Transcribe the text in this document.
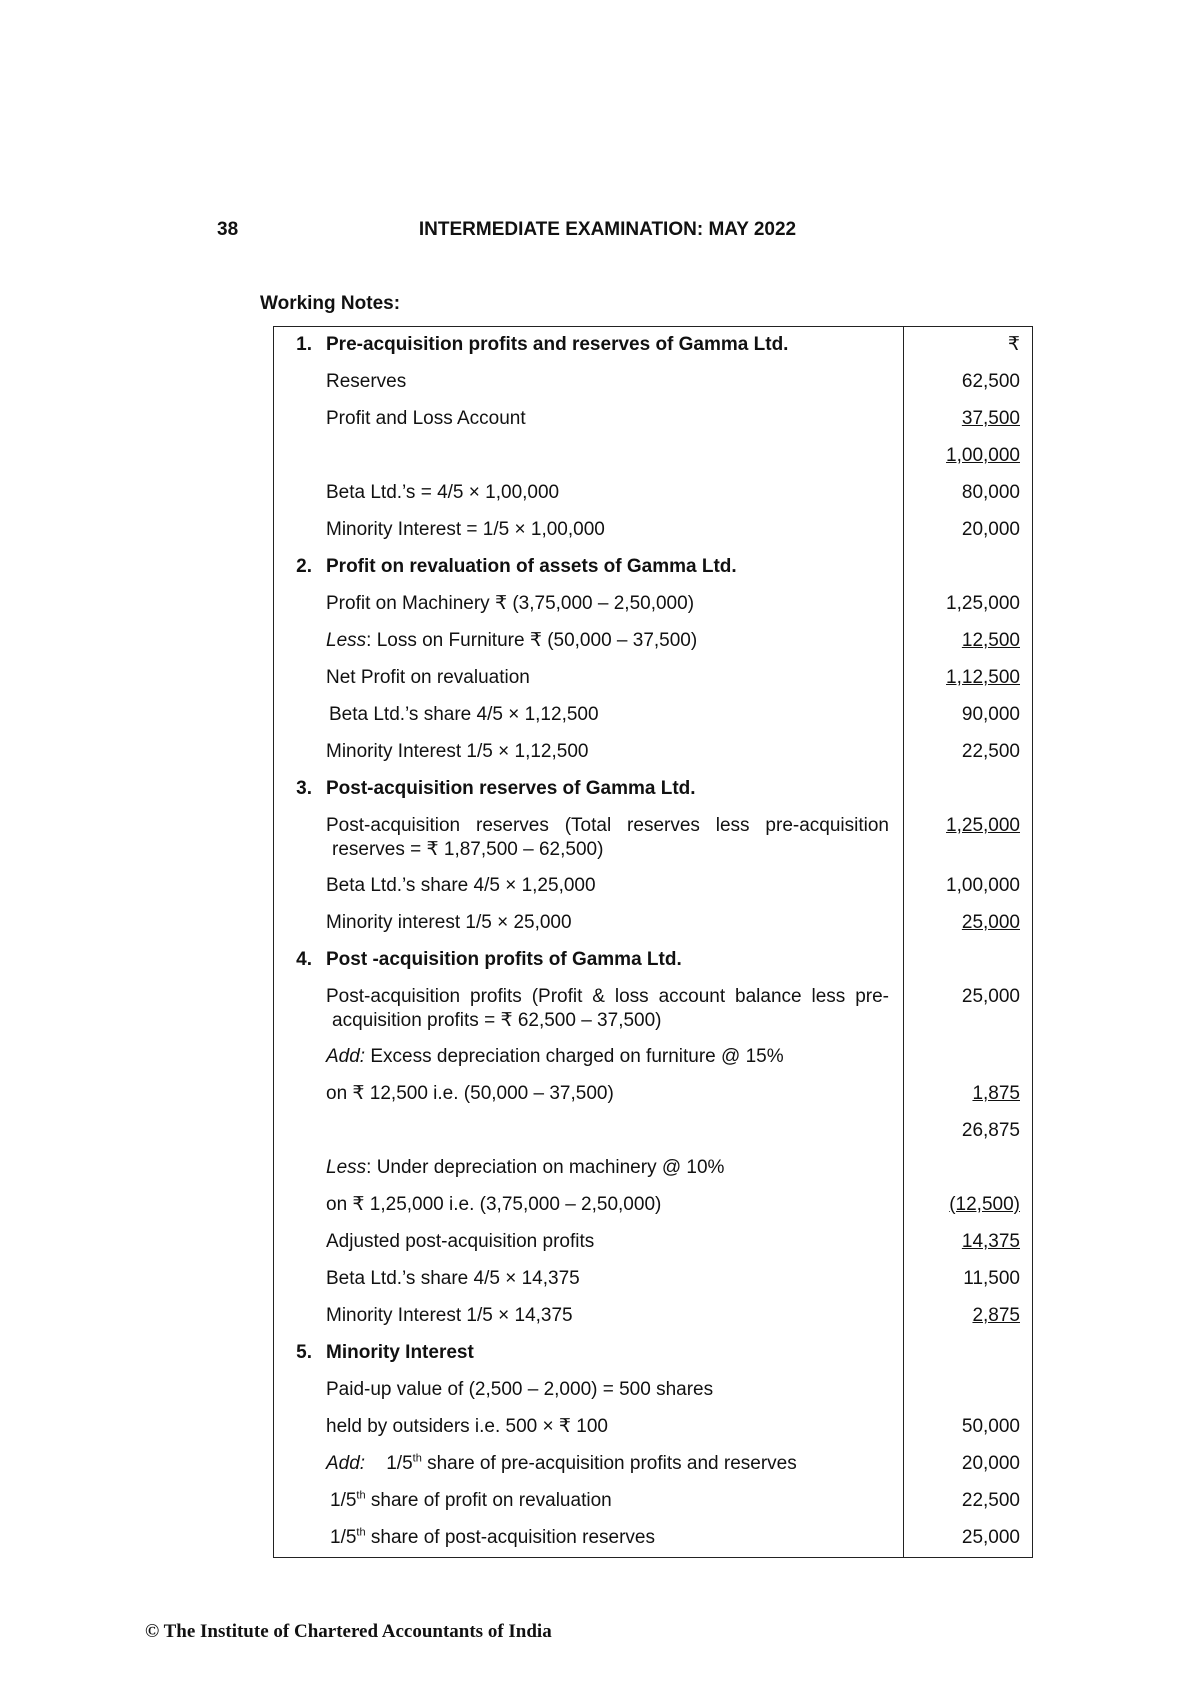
38	INTERMEDIATE EXAMINATION: MAY 2022
Working Notes:
1.	Pre-acquisition profits and reserves of Gamma Ltd.	₹
	Reserves	62,500
	Profit and Loss Account	37,500
		1,00,000
	Beta Ltd.’s = 4/5 × 1,00,000	80,000
	Minority Interest = 1/5 × 1,00,000	20,000
2.	Profit on revaluation of assets of Gamma Ltd.	
	Profit on Machinery ₹ (3,75,000 – 2,50,000)	1,25,000
	Less: Loss on Furniture ₹ (50,000 – 37,500)	12,500
	Net Profit on revaluation	1,12,500
	Beta Ltd.’s share 4/5 × 1,12,500	90,000
	Minority Interest 1/5 × 1,12,500	22,500
3.	Post-acquisition reserves of Gamma Ltd.	

	Post-acquisition reserves (Total reserves less pre-acquisition
reserves = ₹ 1,87,500 – 62,500)	1,25,000
	Beta Ltd.’s share 4/5 × 1,25,000	1,00,000
	Minority interest 1/5 × 25,000	25,000
4.	Post -acquisition profits of Gamma Ltd.	

	Post-acquisition profits (Profit & loss account balance less pre-
acquisition profits = ₹ 62,500 – 37,500)	25,000
	Add: Excess depreciation charged on furniture @ 15%	
	on ₹ 12,500 i.e. (50,000 – 37,500)	1,875
		26,875
	Less: Under depreciation on machinery @ 10%	
	on ₹ 1,25,000 i.e. (3,75,000 – 2,50,000)	(12,500)
	Adjusted post-acquisition profits	14,375
	Beta Ltd.’s share 4/5 × 14,375	11,500
	Minority Interest 1/5 × 14,375	2,875
5.	Minority Interest	
	Paid-up value of (2,500 – 2,000) = 500 shares	
	held by outsiders i.e. 500 × ₹ 100	50,000
	Add: 1/5th share of pre-acquisition profits and reserves	20,000
	1/5th share of profit on revaluation	22,500
	1/5th share of post-acquisition reserves	25,000
© The Institute of Chartered Accountants of India
